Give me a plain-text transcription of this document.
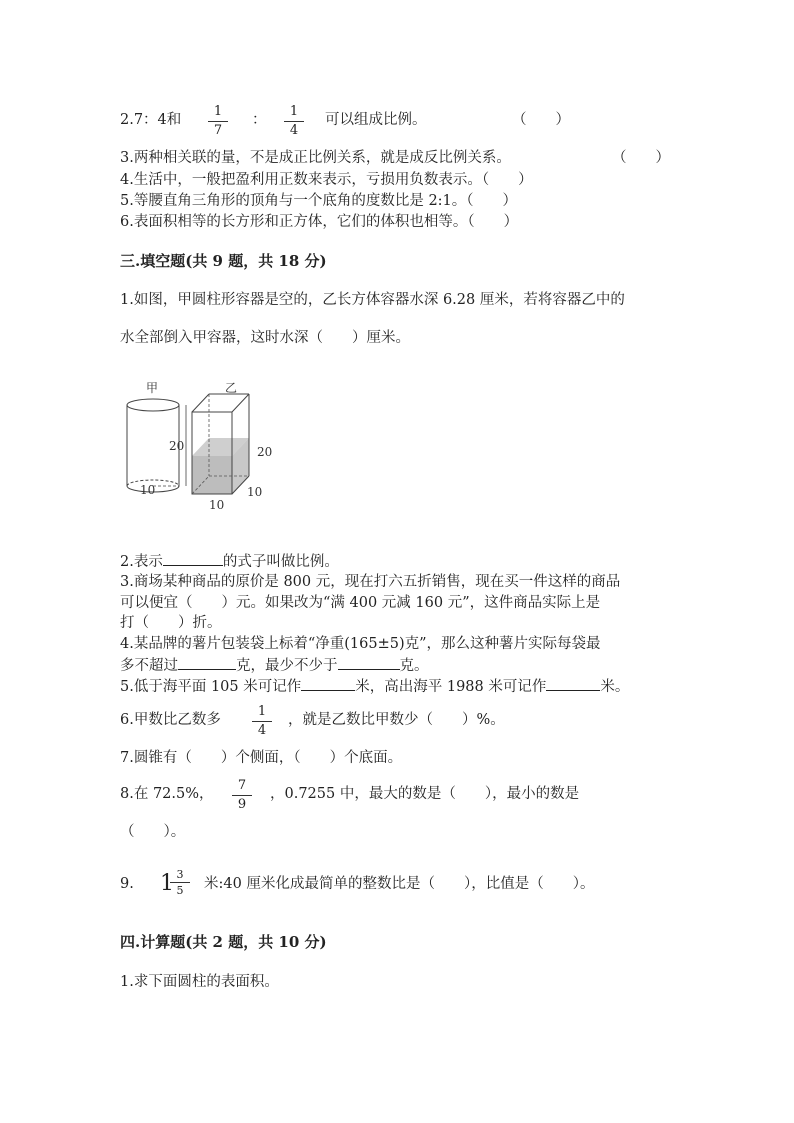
2.7：4和 $\frac{1}{7}$ ： $\frac{1}{4}$ 可以组成比例。	（　　）
3.两种相关联的量，不是成正比例关系，就是成反比例关系。	（　　）
4.生活中，一般把盈利用正数来表示，亏损用负数表示。（　　）
5.等腰直角三角形的顶角与一个底角的度数比是 2:1。（　　）
6.表面积相等的长方形和正方体，它们的体积也相等。（　　）
三.填空题(共 9 题，共 18 分)
1.如图，甲圆柱形容器是空的，乙长方体容器水深 6.28 厘米，若将容器乙中的
水全部倒入甲容器，这时水深（　　）厘米。
甲
20
10
乙
20
10
10
2.表示	的式子叫做比例。
3.商场某种商品的原价是 800 元，现在打六五折销售，现在买一件这样的商品
可以便宜（　　）元。如果改为“满 400 元减 160 元”，这件商品实际上是
打（　　）折。
4.某品牌的薯片包装袋上标着“净重(165±5)克”，那么这种薯片实际每袋最
多不超过	克，最少不少于	克。
5.低于海平面 105 米可记作	米，高出海平 1988 米可记作	米。
6.甲数比乙数多 $\frac{1}{4}$ ，就是乙数比甲数少（　　）%。
7.圆锥有（　　）个侧面，（　　）个底面。
8.在 72.5%， $\frac{7}{9}$ ，0.7255 中，最大的数是（　　），最小的数是
（　　）。
9. 1
$\frac{3}{5}$ 米:40 厘米化成最简单的整数比是（　　），比值是（　　）。
四.计算题(共 2 题，共 10 分)
1.求下面圆柱的表面积。
